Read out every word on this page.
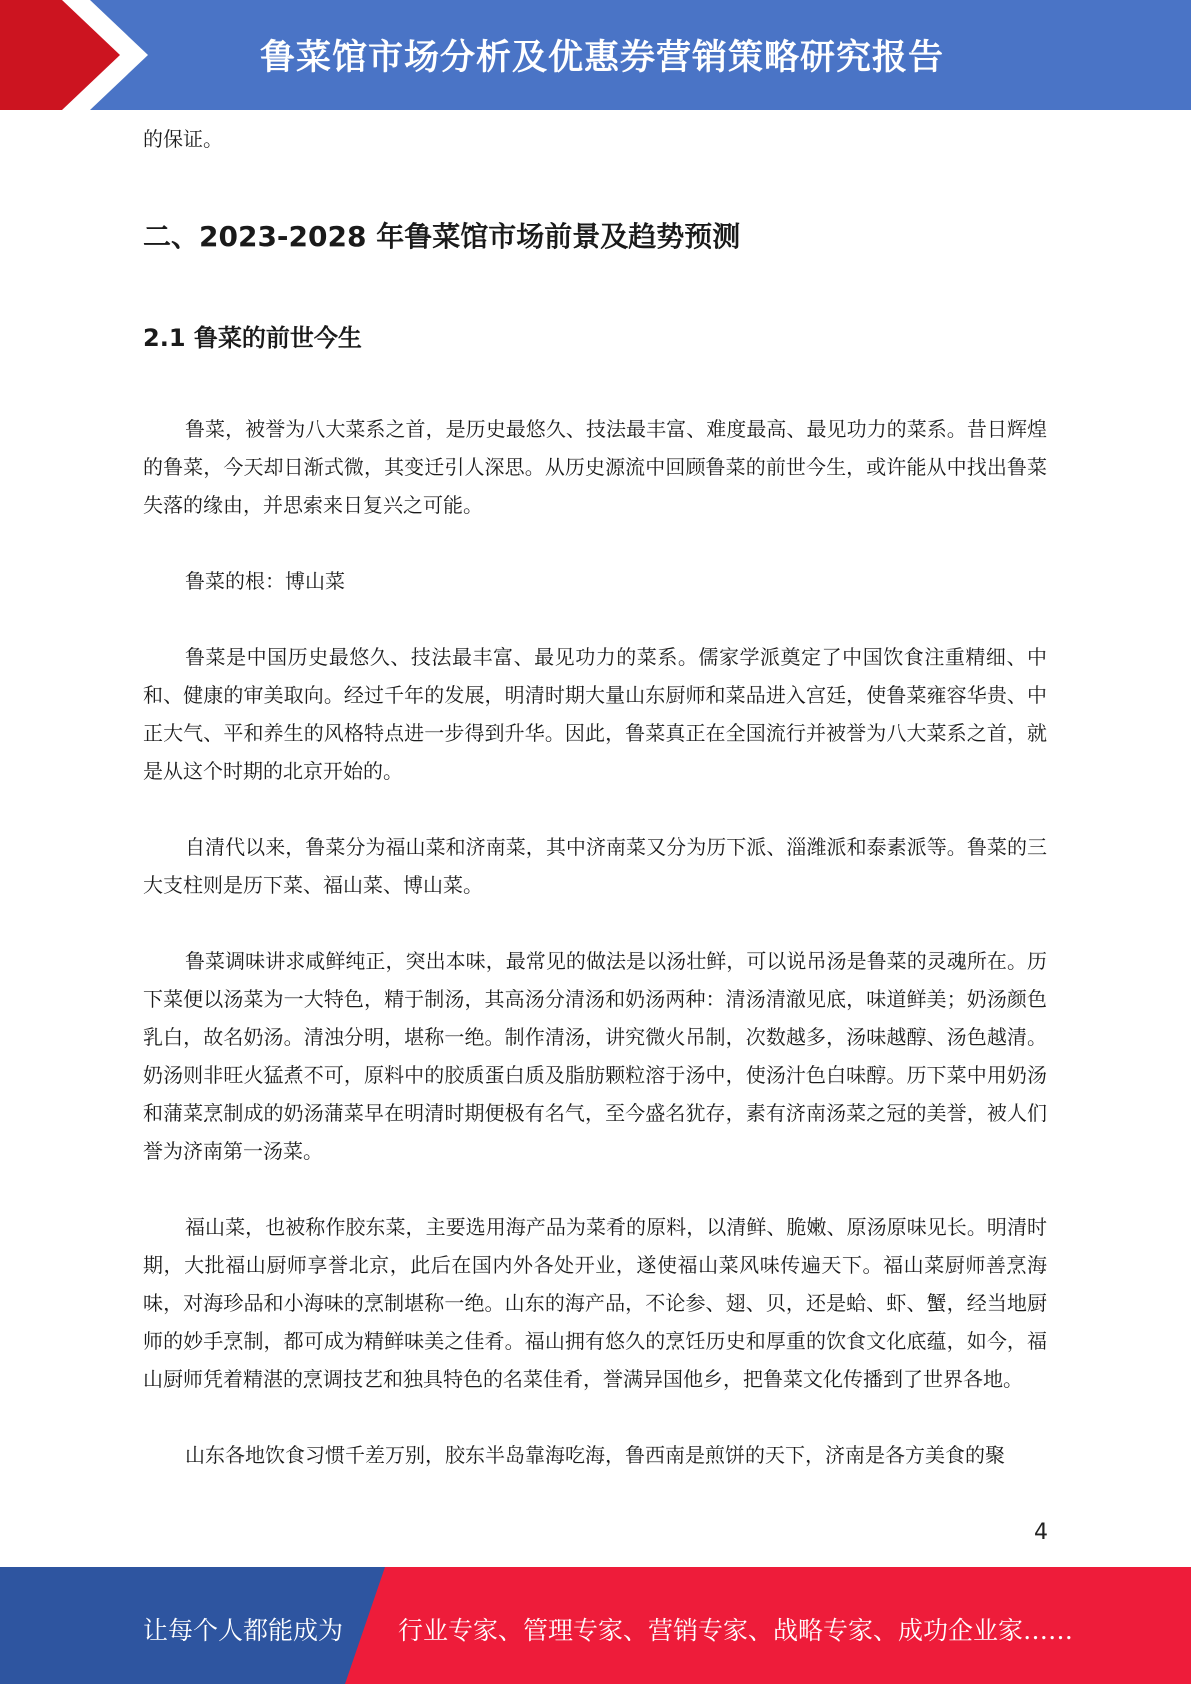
鲁菜馆市场分析及优惠券营销策略研究报告

的保证。

二、2023-2028 年鲁菜馆市场前景及趋势预测
2.1 鲁菜的前世今生

鲁菜，被誉为八大菜系之首，是历史最悠久、技法最丰富、难度最高、最见功力的菜系。昔日辉煌的鲁菜，今天却日渐式微，其变迁引人深思。从历史源流中回顾鲁菜的前世今生，或许能从中找出鲁菜失落的缘由，并思索来日复兴之可能。

鲁菜的根：博山菜

鲁菜是中国历史最悠久、技法最丰富、最见功力的菜系。儒家学派奠定了中国饮食注重精细、中和、健康的审美取向。经过千年的发展，明清时期大量山东厨师和菜品进入宫廷，使鲁菜雍容华贵、中正大气、平和养生的风格特点进一步得到升华。因此，鲁菜真正在全国流行并被誉为八大菜系之首，就是从这个时期的北京开始的。

自清代以来，鲁菜分为福山菜和济南菜，其中济南菜又分为历下派、淄潍派和泰素派等。鲁菜的三大支柱则是历下菜、福山菜、博山菜。

鲁菜调味讲求咸鲜纯正，突出本味，最常见的做法是以汤壮鲜，可以说吊汤是鲁菜的灵魂所在。历下菜便以汤菜为一大特色，精于制汤，其高汤分清汤和奶汤两种：清汤清澈见底，味道鲜美；奶汤颜色乳白，故名奶汤。清浊分明，堪称一绝。制作清汤，讲究微火吊制，次数越多，汤味越醇、汤色越清。奶汤则非旺火猛煮不可，原料中的胶质蛋白质及脂肪颗粒溶于汤中，使汤汁色白味醇。历下菜中用奶汤和蒲菜烹制成的奶汤蒲菜早在明清时期便极有名气，至今盛名犹存，素有济南汤菜之冠的美誉，被人们誉为济南第一汤菜。

福山菜，也被称作胶东菜，主要选用海产品为菜肴的原料，以清鲜、脆嫩、原汤原味见长。明清时期，大批福山厨师享誉北京，此后在国内外各处开业，遂使福山菜风味传遍天下。福山菜厨师善烹海味，对海珍品和小海味的烹制堪称一绝。山东的海产品，不论参、翅、贝，还是蛤、虾、蟹，经当地厨师的妙手烹制，都可成为精鲜味美之佳肴。福山拥有悠久的烹饪历史和厚重的饮食文化底蕴，如今，福山厨师凭着精湛的烹调技艺和独具特色的名菜佳肴，誉满异国他乡，把鲁菜文化传播到了世界各地。

山东各地饮食习惯千差万别，胶东半岛靠海吃海，鲁西南是煎饼的天下，济南是各方美食的聚

4
让每个人都能成为 行业专家、管理专家、营销专家、战略专家、成功企业家……
